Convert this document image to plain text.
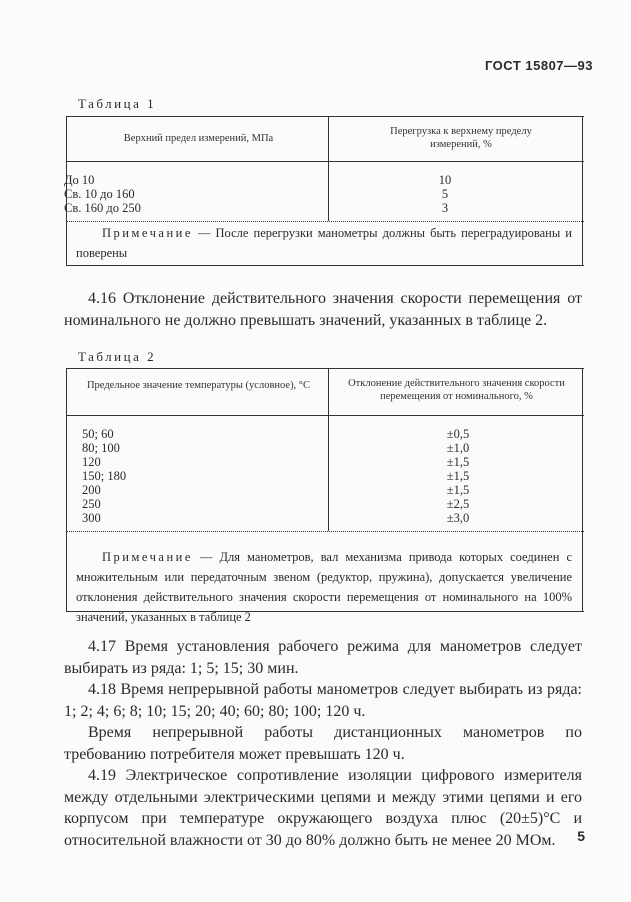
ГОСТ 15807—93
Таблица 1
Верхний предел измерений, МПа
Перегрузка к верхнему пределу измерений, %
До 10
Св. 10 до 160
Св. 160 до 250
10
5
3
Примечание — После перегрузки манометры должны быть переградуированы и поверены
4.16 Отклонение действительного значения скорости перемещения от номинального не должно превышать значений, указанных в таблице 2.
Таблица 2
Предельное значение температуры (условное), °С	Отклонение действительного значения скорости перемещения от номинального, %
50; 60
80; 100
120
150; 180
200
250
300
±0,5
±1,0
±1,5
±1,5
±1,5
±2,5
±3,0
Примечание — Для манометров, вал механизма привода которых соединен с множительным или передаточным звеном (редуктор, пружина), допускается увеличение отклонения действительного значения скорости перемещения от номинального на 100% значений, указанных в таблице 2
4.17 Время установления рабочего режима для манометров следует выбирать из ряда: 1; 5; 15; 30 мин.
4.18 Время непрерывной работы манометров следует выбирать из ряда: 1; 2; 4; 6; 8; 10; 15; 20; 40; 60; 80; 100; 120 ч.
Время непрерывной работы дистанционных манометров по требованию потребителя может превышать 120 ч.
4.19 Электрическое сопротивление изоляции цифрового измерителя между отдельными электрическими цепями и между этими цепями и его корпусом при температуре окружающего воздуха плюс (20±5)°С и относительной влажности от 30 до 80% должно быть не менее 20 МОм.	5
